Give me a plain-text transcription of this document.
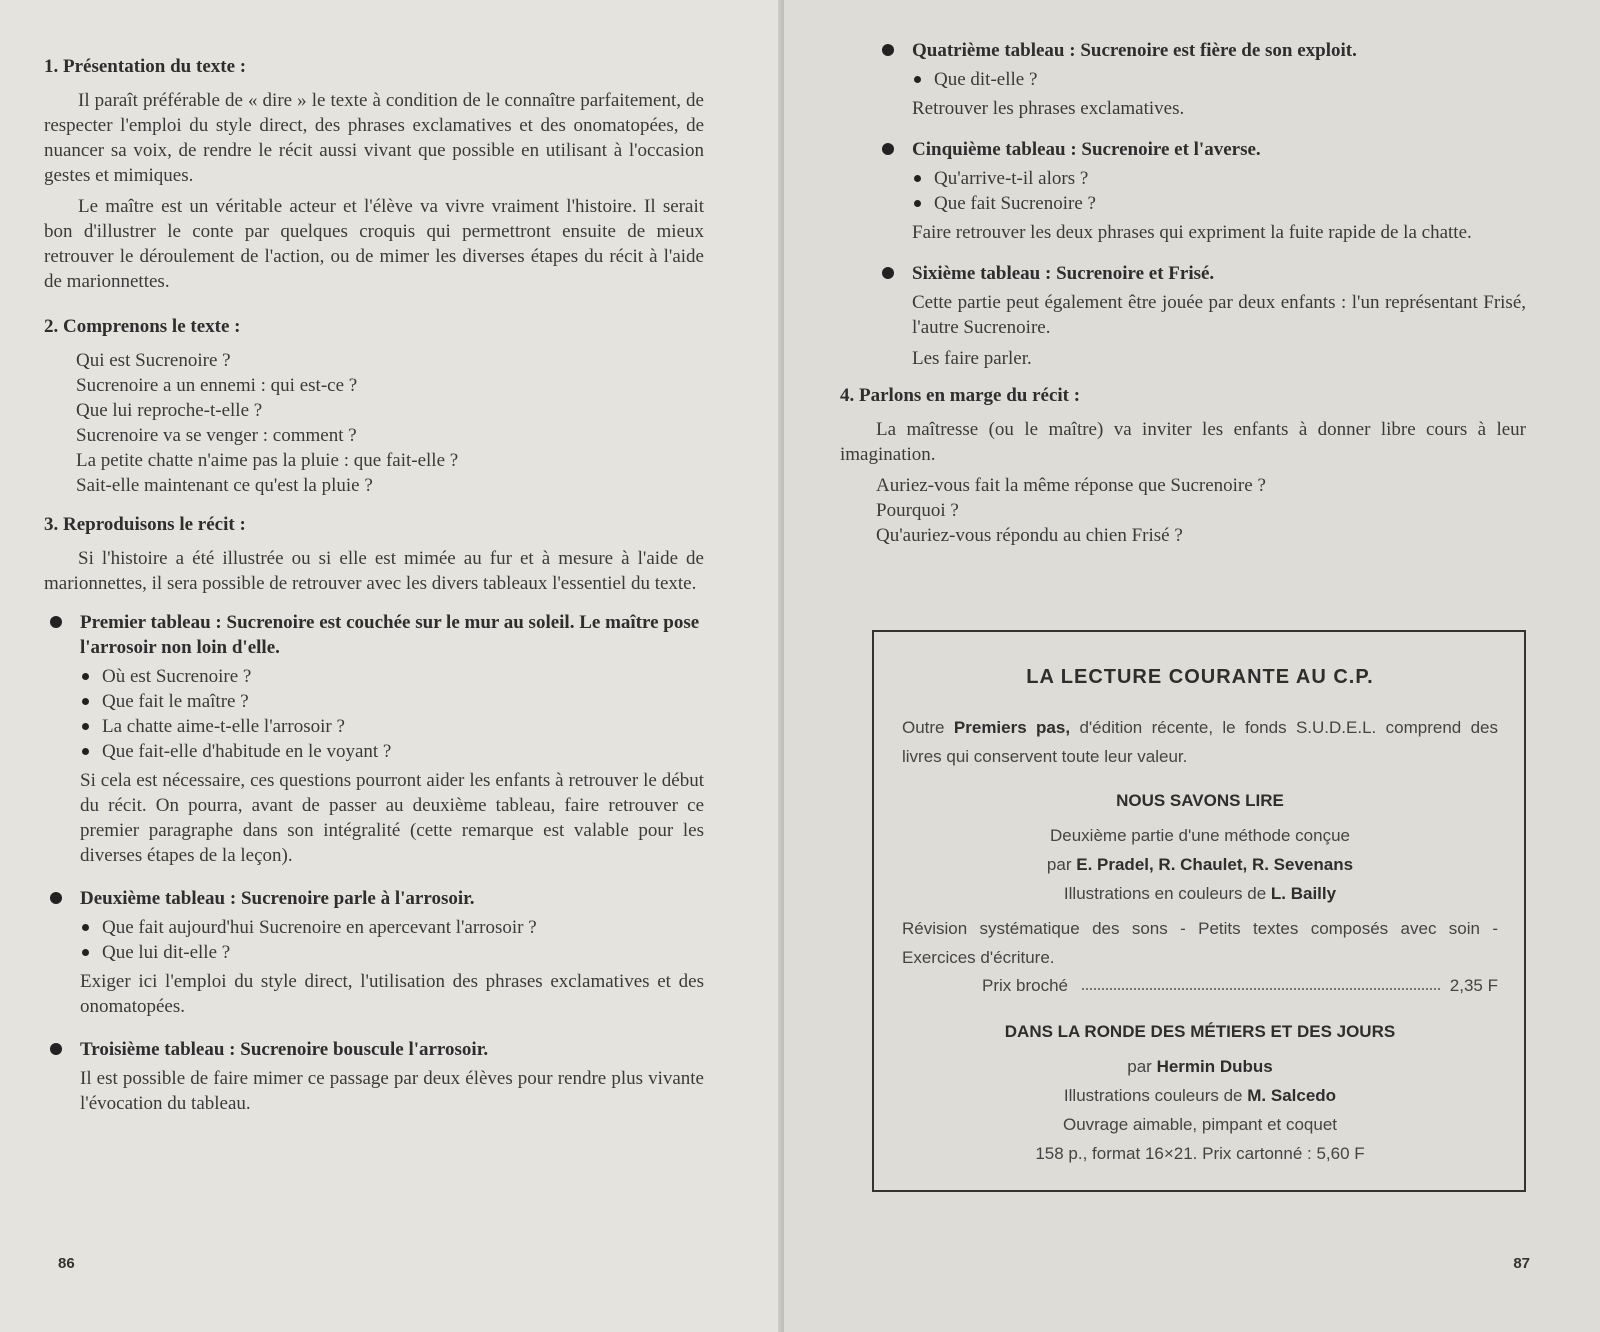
1. Présentation du texte :

Il paraît préférable de « dire » le texte à condition de le connaître parfaitement, de respecter l'emploi du style direct, des phrases exclamatives et des onomatopées, de nuancer sa voix, de rendre le récit aussi vivant que possible en utilisant à l'occasion gestes et mimiques.

Le maître est un véritable acteur et l'élève va vivre vraiment l'histoire. Il serait bon d'illustrer le conte par quelques croquis qui permettront ensuite de mieux retrouver le déroulement de l'action, ou de mimer les diverses étapes du récit à l'aide de marionnettes.

2. Comprenons le texte :
Qui est Sucrenoire ?
Sucrenoire a un ennemi : qui est-ce ?
Que lui reproche-t-elle ?
Sucrenoire va se venger : comment ?
La petite chatte n'aime pas la pluie : que fait-elle ?
Sait-elle maintenant ce qu'est la pluie ?
3. Reproduisons le récit :

Si l'histoire a été illustrée ou si elle est mimée au fur et à mesure à l'aide de marionnettes, il sera possible de retrouver avec les divers tableaux l'essentiel du texte.

Premier tableau : Sucrenoire est couchée sur le mur au soleil. Le maître pose l'arrosoir non loin d'elle.
Où est Sucrenoire ?
Que fait le maître ?
La chatte aime-t-elle l'arrosoir ?
Que fait-elle d'habitude en le voyant ?

Si cela est nécessaire, ces questions pourront aider les enfants à retrouver le début du récit. On pourra, avant de passer au deuxième tableau, faire retrouver ce premier paragraphe dans son intégralité (cette remarque est valable pour les diverses étapes de la leçon).

Deuxième tableau : Sucrenoire parle à l'arrosoir.
Que fait aujourd'hui Sucrenoire en apercevant l'arrosoir ?
Que lui dit-elle ?

Exiger ici l'emploi du style direct, l'utilisation des phrases exclamatives et des onomatopées.

Troisième tableau : Sucrenoire bouscule l'arrosoir.

Il est possible de faire mimer ce passage par deux élèves pour rendre plus vivante l'évocation du tableau.

86
Quatrième tableau : Sucrenoire est fière de son exploit.
Que dit-elle ?

Retrouver les phrases exclamatives.

Cinquième tableau : Sucrenoire et l'averse.
Qu'arrive-t-il alors ?
Que fait Sucrenoire ?

Faire retrouver les deux phrases qui expriment la fuite rapide de la chatte.

Sixième tableau : Sucrenoire et Frisé.

Cette partie peut également être jouée par deux enfants : l'un représentant Frisé, l'autre Sucrenoire.

Les faire parler.

4. Parlons en marge du récit :

La maîtresse (ou le maître) va inviter les enfants à donner libre cours à leur imagination.

Auriez-vous fait la même réponse que Sucrenoire ?
Pourquoi ?
Qu'auriez-vous répondu au chien Frisé ?
LA LECTURE COURANTE AU C.P.

Outre Premiers pas, d'édition récente, le fonds S.U.D.E.L. comprend des livres qui conservent toute leur valeur.

NOUS SAVONS LIRE

Deuxième partie d'une méthode conçue

par E. Pradel, R. Chaulet, R. Sevenans

Illustrations en couleurs de L. Bailly

Révision systématique des sons - Petits textes composés avec soin - Exercices d'écriture.

Prix broché	2,35 F
DANS LA RONDE DES MÉTIERS ET DES JOURS

par Hermin Dubus

Illustrations couleurs de M. Salcedo

Ouvrage aimable, pimpant et coquet

158 p., format 16×21. Prix cartonné : 5,60 F

87
